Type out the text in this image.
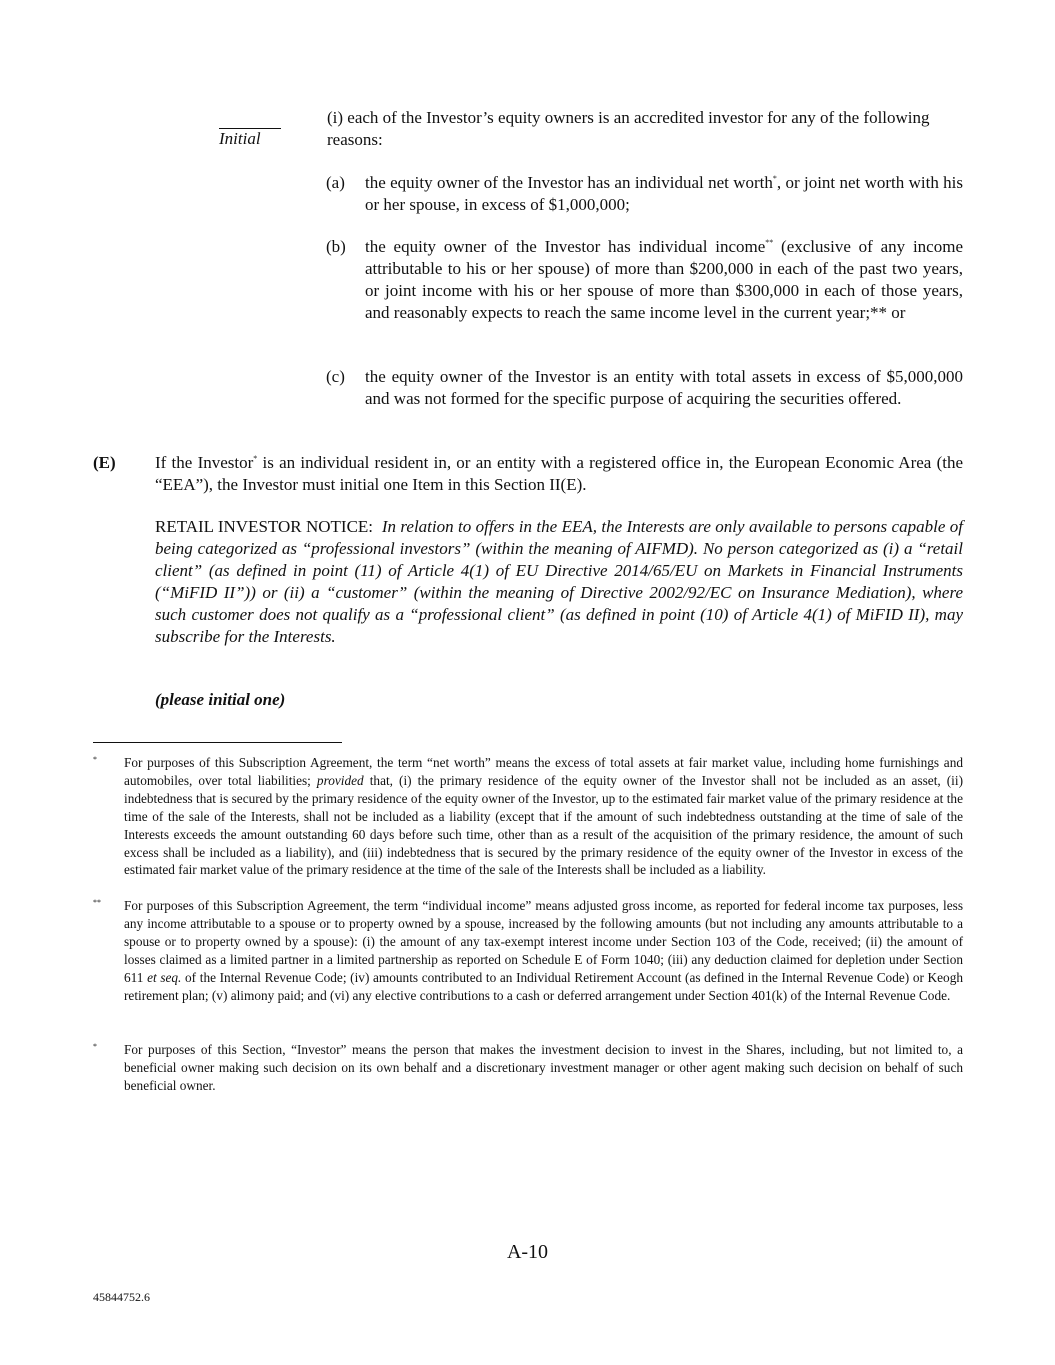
Initial
(i) each of the Investor’s equity owners is an accredited investor for any of the following reasons:
(a)	the equity owner of the Investor has an individual net worth*, or joint net worth with his or her spouse, in excess of $1,000,000;
(b)	the equity owner of the Investor has individual income** (exclusive of any income attributable to his or her spouse) of more than $200,000 in each of the past two years, or joint income with his or her spouse of more than $300,000 in each of those years, and reasonably expects to reach the same income level in the current year;** or
(c)	the equity owner of the Investor is an entity with total assets in excess of $5,000,000 and was not formed for the specific purpose of acquiring the securities offered.
(E) If the Investor* is an individual resident in, or an entity with a registered office in, the European Economic Area (the “EEA”), the Investor must initial one Item in this Section II(E).
RETAIL INVESTOR NOTICE: In relation to offers in the EEA, the Interests are only available to persons capable of being categorized as “professional investors” (within the meaning of AIFMD). No person categorized as (i) a “retail client” (as defined in point (11) of Article 4(1) of EU Directive 2014/65/EU on Markets in Financial Instruments (“MiFID II”)) or (ii) a “customer” (within the meaning of Directive 2002/92/EC on Insurance Mediation), where such customer does not qualify as a “professional client” (as defined in point (10) of Article 4(1) of MiFID II), may subscribe for the Interests.
(please initial one)
*	For purposes of this Subscription Agreement, the term “net worth” means the excess of total assets at fair market value, including home furnishings and automobiles, over total liabilities; provided that, (i) the primary residence of the equity owner of the Investor shall not be included as an asset, (ii) indebtedness that is secured by the primary residence of the equity owner of the Investor, up to the estimated fair market value of the primary residence at the time of the sale of the Interests, shall not be included as a liability (except that if the amount of such indebtedness outstanding at the time of sale of the Interests exceeds the amount outstanding 60 days before such time, other than as a result of the acquisition of the primary residence, the amount of such excess shall be included as a liability), and (iii) indebtedness that is secured by the primary residence of the equity owner of the Investor in excess of the estimated fair market value of the primary residence at the time of the sale of the Interests shall be included as a liability.
**	For purposes of this Subscription Agreement, the term “individual income” means adjusted gross income, as reported for federal income tax purposes, less any income attributable to a spouse or to property owned by a spouse, increased by the following amounts (but not including any amounts attributable to a spouse or to property owned by a spouse): (i) the amount of any tax-exempt interest income under Section 103 of the Code, received; (ii) the amount of losses claimed as a limited partner in a limited partnership as reported on Schedule E of Form 1040; (iii) any deduction claimed for depletion under Section 611 et seq. of the Internal Revenue Code; (iv) amounts contributed to an Individual Retirement Account (as defined in the Internal Revenue Code) or Keogh retirement plan; (v) alimony paid; and (vi) any elective contributions to a cash or deferred arrangement under Section 401(k) of the Internal Revenue Code.
*	For purposes of this Section, “Investor” means the person that makes the investment decision to invest in the Shares, including, but not limited to, a beneficial owner making such decision on its own behalf and a discretionary investment manager or other agent making such decision on behalf of such beneficial owner.
A-10
45844752.6
